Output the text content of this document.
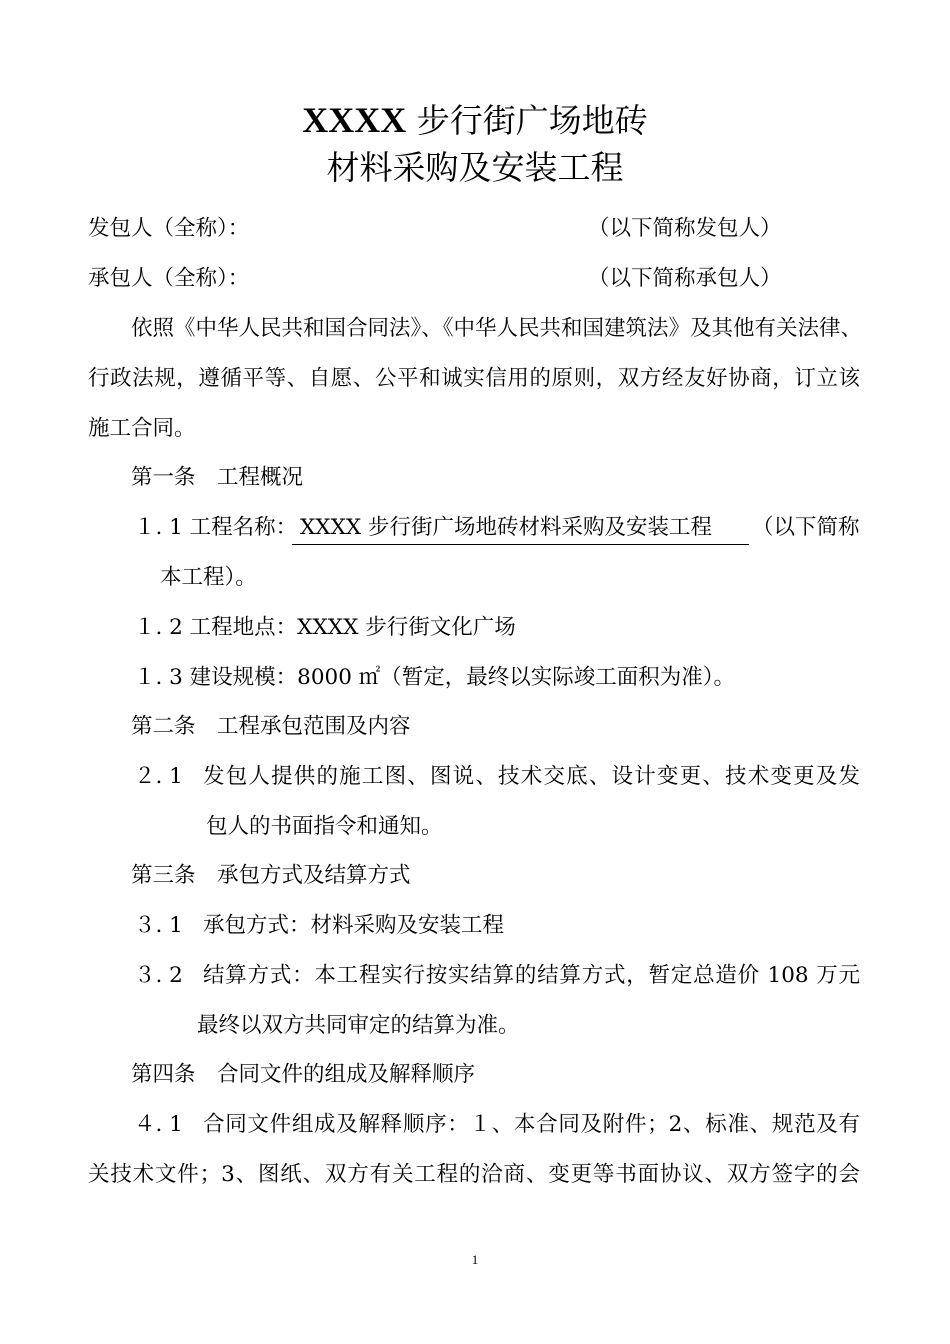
XXXX 步行街广场地砖
材料采购及安装工程
发包人（全称）：	（以下简称发包人）
承包人（全称）：	（以下简称承包人）
依照《中华人民共和国合同法》、《中华人民共和国建筑法》及其他有关法律、
行政法规，遵循平等、自愿、公平和诚实信用的原则，双方经友好协商，订立该
施工合同。
第一条　工程概况
１. 1 工程名称： XXXX 步行街广场地砖材料采购及安装工程	（以下简称
本工程）。
１. 2 工程地点：XXXX 步行街文化广场
１. 3 建设规模：8000 ㎡（暂定，最终以实际竣工面积为准）。
第二条　工程承包范围及内容
２. 1 发包人提供的施工图、图说、技术交底、设计变更、技术变更及发
包人的书面指令和通知。
第三条　承包方式及结算方式
３. 1 承包方式：材料采购及安装工程
３. 2 结算方式：本工程实行按实结算的结算方式，暂定总造价 108 万元
最终以双方共同审定的结算为准。
第四条　合同文件的组成及解释顺序
４. 1 合同文件组成及解释顺序：１、本合同及附件；2、标准、规范及有
关技术文件；3、图纸、双方有关工程的洽商、变更等书面协议、双方签字的会
1
